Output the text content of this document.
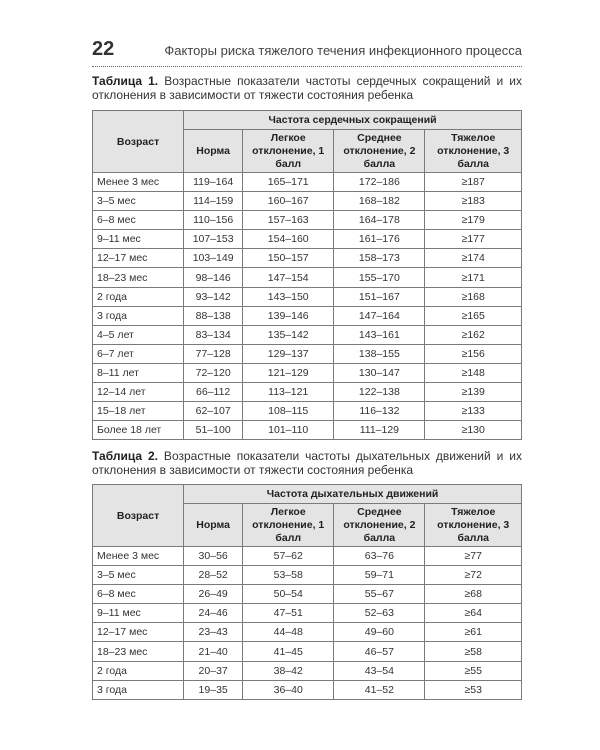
22	Факторы риска тяжелого течения инфекционного процесса
Таблица 1. Возрастные показатели частоты сердечных сокращений и их отклонения в зависимости от тяжести состояния ребенка
Возраст	Частота сердечных сокращений			
	Норма	Легкое отклонение, 1 балл	Среднее отклонение, 2 балла	Тяжелое отклонение, 3 балла
Менее 3 мес	119–164	165–171	172–186	≥187
3–5 мес	114–159	160–167	168–182	≥183
6–8 мес	110–156	157–163	164–178	≥179
9–11 мес	107–153	154–160	161–176	≥177
12–17 мес	103–149	150–157	158–173	≥174
18–23 мес	98–146	147–154	155–170	≥171
2 года	93–142	143–150	151–167	≥168
3 года	88–138	139–146	147–164	≥165
4–5 лет	83–134	135–142	143–161	≥162
6–7 лет	77–128	129–137	138–155	≥156
8–11 лет	72–120	121–129	130–147	≥148
12–14 лет	66–112	113–121	122–138	≥139
15–18 лет	62–107	108–115	116–132	≥133
Более 18 лет	51–100	101–110	111–129	≥130
Таблица 2. Возрастные показатели частоты дыхательных движений и их отклонения в зависимости от тяжести состояния ребенка
Возраст	Частота дыхательных движений			
	Норма	Легкое отклонение, 1 балл	Среднее отклонение, 2 балла	Тяжелое отклонение, 3 балла
Менее 3 мес	30–56	57–62	63–76	≥77
3–5 мес	28–52	53–58	59–71	≥72
6–8 мес	26–49	50–54	55–67	≥68
9–11 мес	24–46	47–51	52–63	≥64
12–17 мес	23–43	44–48	49–60	≥61
18–23 мес	21–40	41–45	46–57	≥58
2 года	20–37	38–42	43–54	≥55
3 года	19–35	36–40	41–52	≥53
